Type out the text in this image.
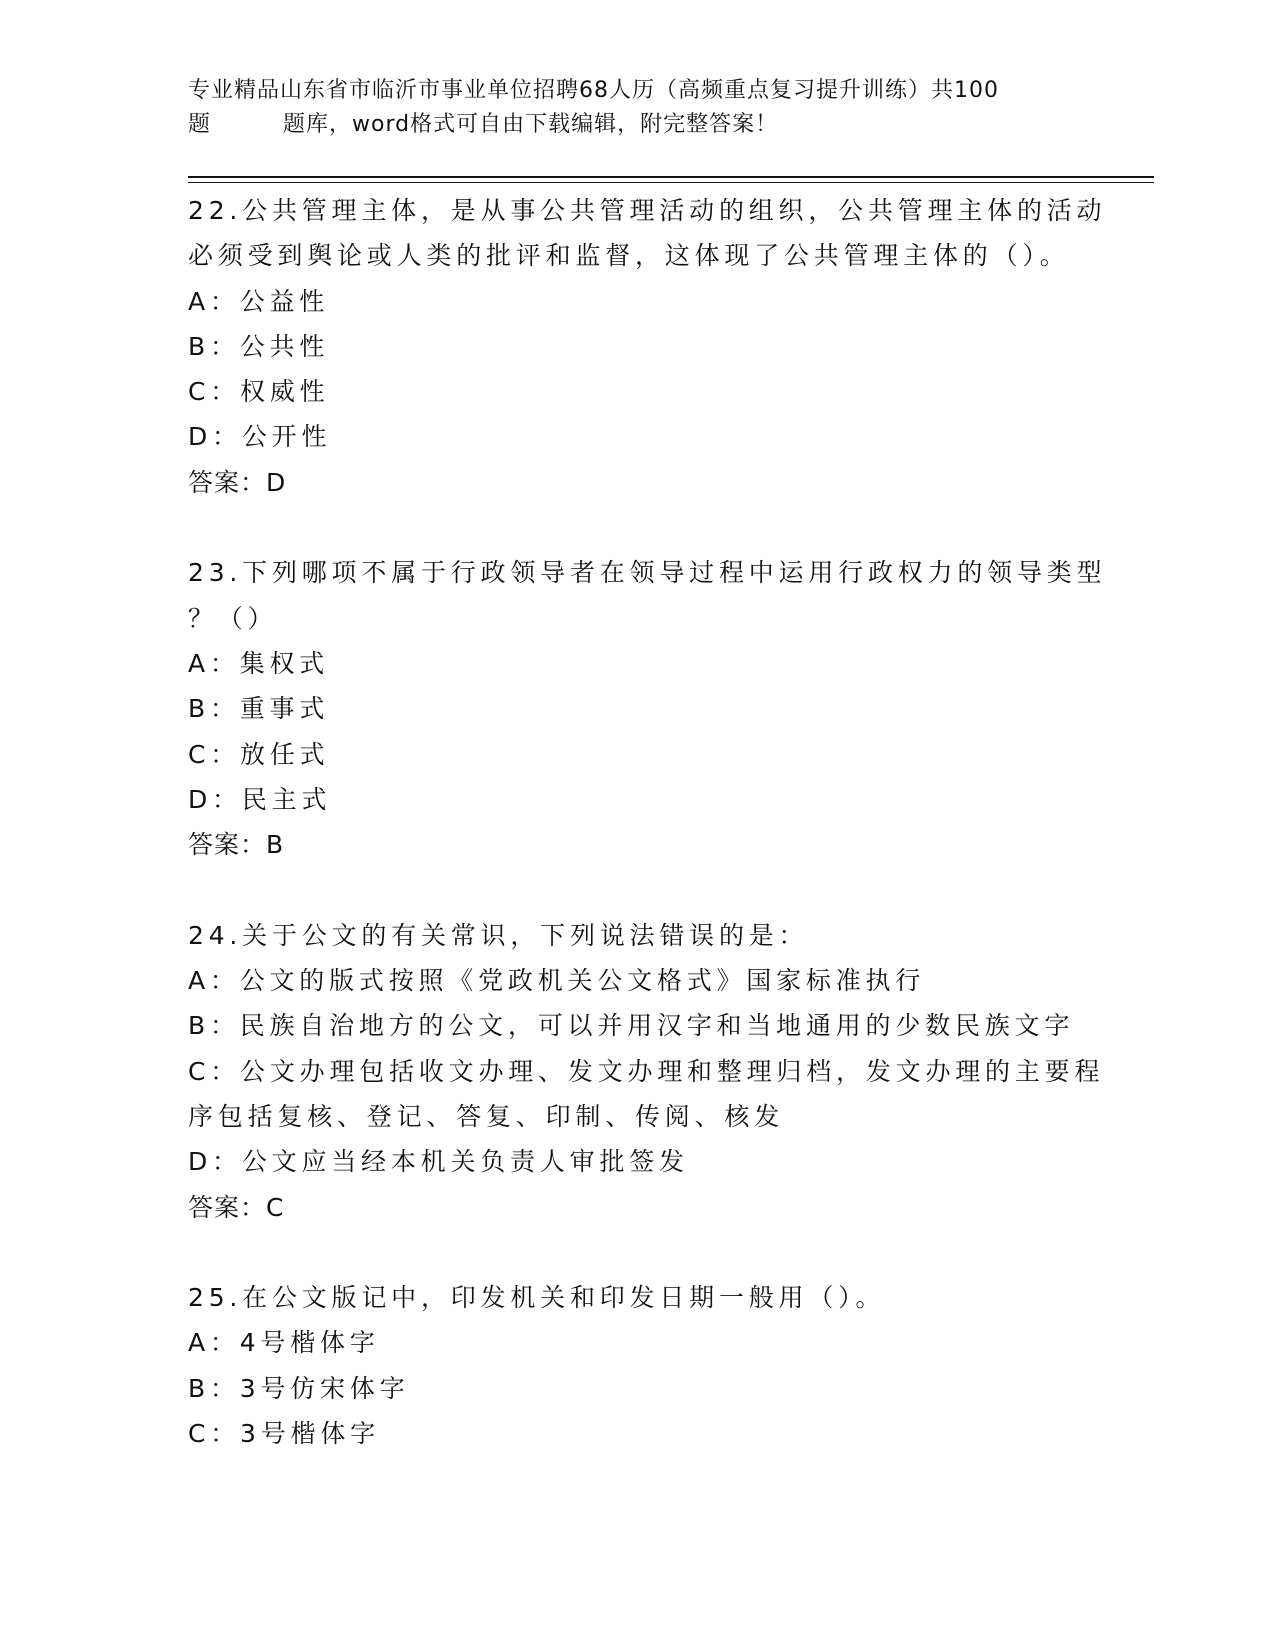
专业精品山东省市临沂市事业单位招聘68人历（高频重点复习提升训练）共100
题	题库，word格式可自由下载编辑，附完整答案！
22.公共管理主体，是从事公共管理活动的组织，公共管理主体的活动
必须受到舆论或人类的批评和监督，这体现了公共管理主体的（）。
A：公益性
B：公共性
C：权威性
D：公开性
答案：D
23.下列哪项不属于行政领导者在领导过程中运用行政权力的领导类型
？（）
A：集权式
B：重事式
C：放任式
D：民主式
答案：B
24.关于公文的有关常识，下列说法错误的是：
A：公文的版式按照《党政机关公文格式》国家标准执行
B：民族自治地方的公文，可以并用汉字和当地通用的少数民族文字
C：公文办理包括收文办理、发文办理和整理归档，发文办理的主要程
序包括复核、登记、答复、印制、传阅、核发
D：公文应当经本机关负责人审批签发
答案：C
25.在公文版记中，印发机关和印发日期一般用（）。
A：4号楷体字
B：3号仿宋体字
C：3号楷体字
